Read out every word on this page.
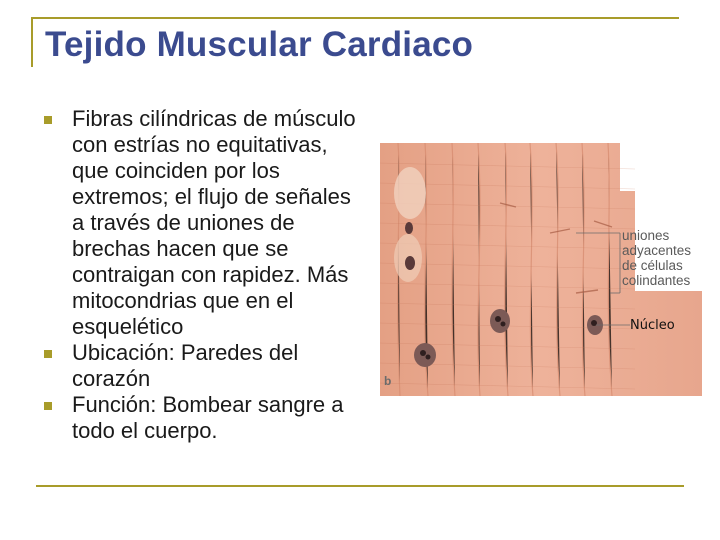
Tejido Muscular Cardiaco
Fibras cilíndricas de músculo con estrías no equitativas, que coinciden por los extremos; el flujo de señales a través de uniones de brechas hacen que se contraigan con rapidez. Más mitocondrias que en el esquelético
Ubicación: Paredes del corazón
Función: Bombear sangre a todo el cuerpo.
uniones
adyacentes
de células
colindantes
Núcleo
b
